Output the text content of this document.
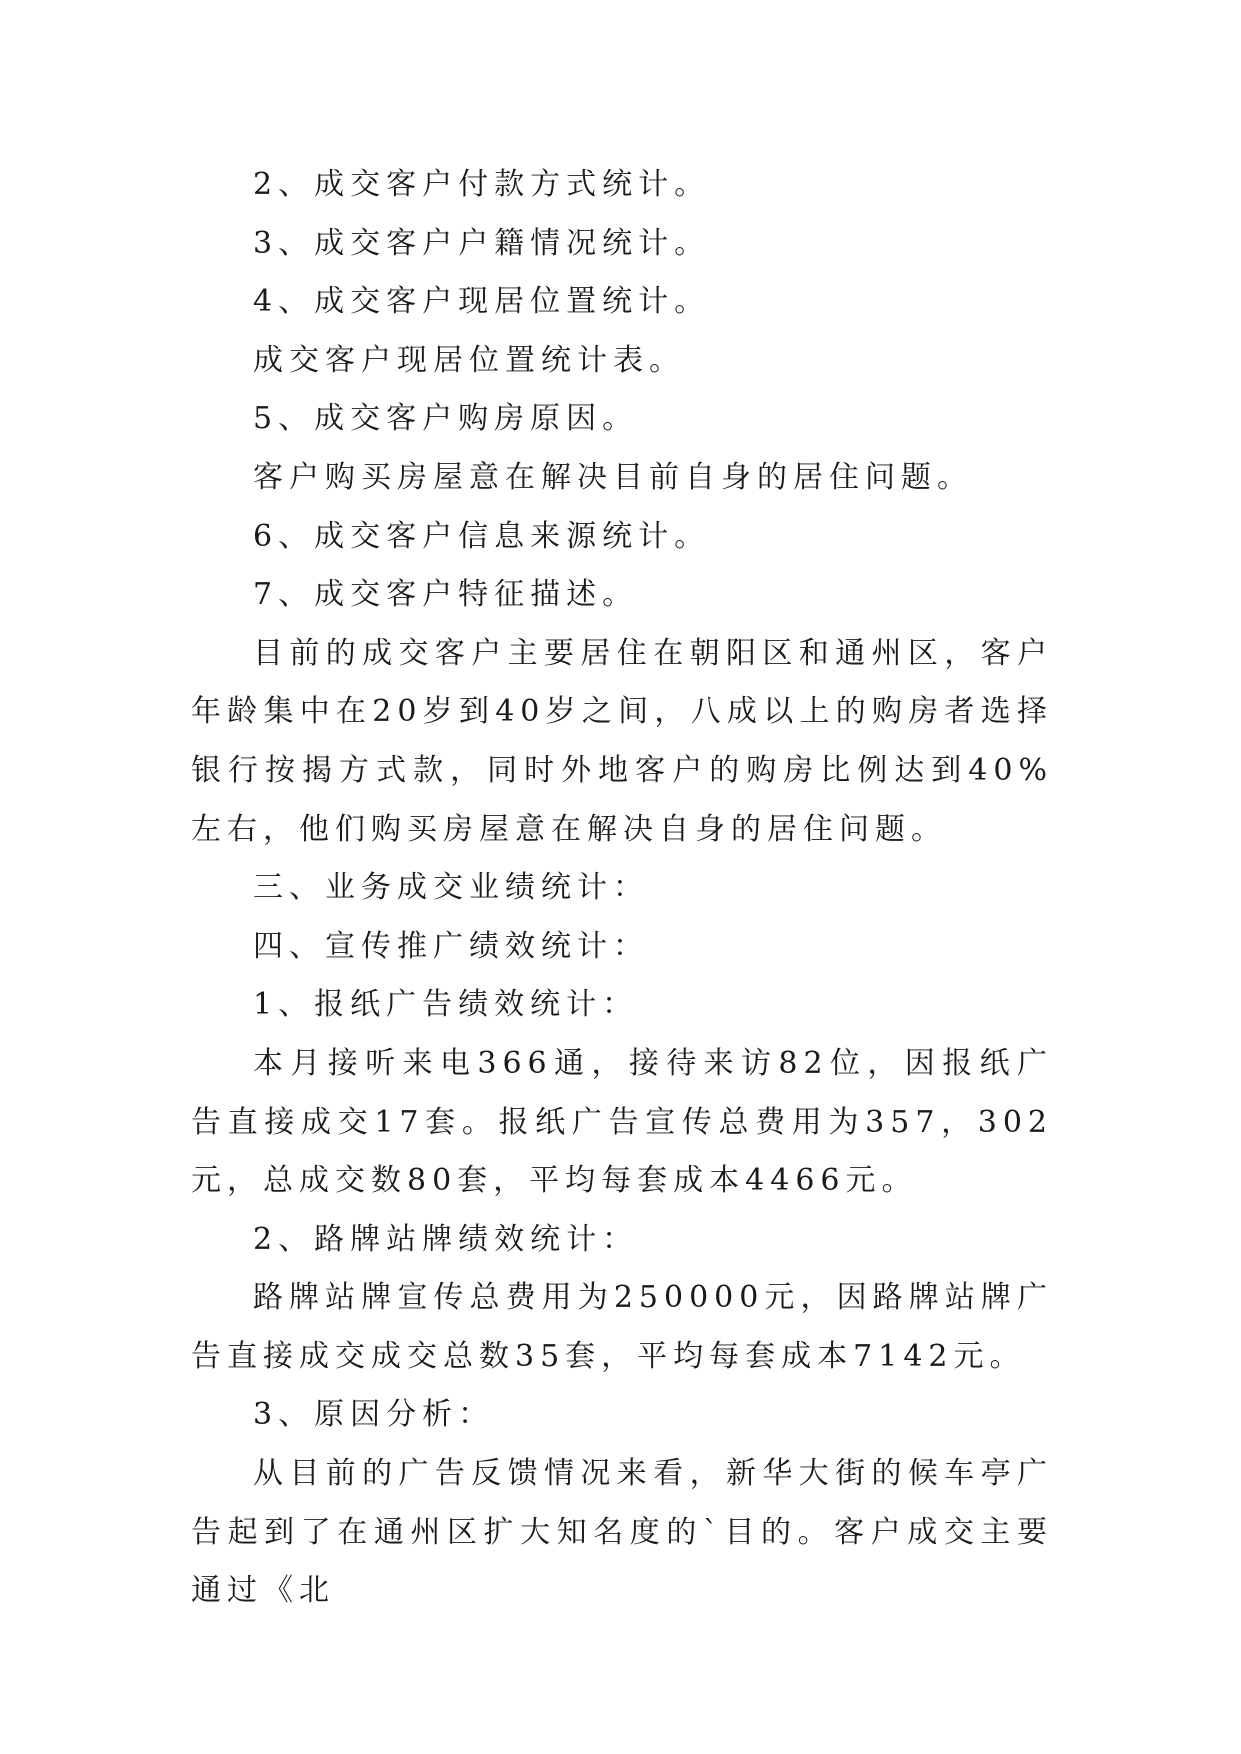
2、成交客户付款方式统计。

3、成交客户户籍情况统计。

4、成交客户现居位置统计。

成交客户现居位置统计表。

5、成交客户购房原因。

客户购买房屋意在解决目前自身的居住问题。

6、成交客户信息来源统计。

7、成交客户特征描述。

目前的成交客户主要居住在朝阳区和通州区，客户年龄集中在20岁到40岁之间，八成以上的购房者选择银行按揭方式款，同时外地客户的购房比例达到40%左右，他们购买房屋意在解决自身的居住问题。

三、业务成交业绩统计：

四、宣传推广绩效统计：

1、报纸广告绩效统计：

本月接听来电366通，接待来访82位，因报纸广告直接成交17套。报纸广告宣传总费用为357，302元，总成交数80套，平均每套成本4466元。

2、路牌站牌绩效统计：

路牌站牌宣传总费用为250000元，因路牌站牌广告直接成交成交总数35套，平均每套成本7142元。

3、原因分析：

从目前的广告反馈情况来看，新华大街的候车亭广告起到了在通州区扩大知名度的`目的。客户成交主要通过《北
